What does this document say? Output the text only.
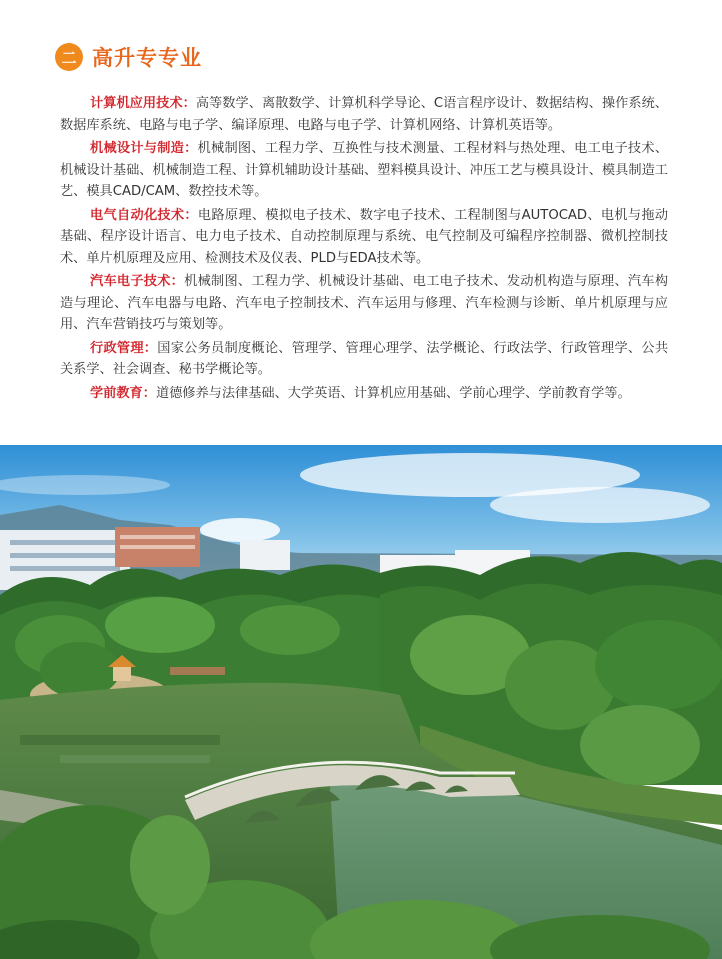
二 高升专专业

计算机应用技术：高等数学、离散数学、计算机科学导论、C语言程序设计、数据结构、操作系统、数据库系统、电路与电子学、编译原理、电路与电子学、计算机网络、计算机英语等。

机械设计与制造：机械制图、工程力学、互换性与技术测量、工程材料与热处理、电工电子技术、机械设计基础、机械制造工程、计算机辅助设计基础、塑料模具设计、冲压工艺与模具设计、模具制造工艺、模具CAD/CAM、数控技术等。

电气自动化技术：电路原理、模拟电子技术、数字电子技术、工程制图与AUTOCAD、电机与拖动基础、程序设计语言、电力电子技术、自动控制原理与系统、电气控制及可编程序控制器、微机控制技术、单片机原理及应用、检测技术及仪表、PLD与EDA技术等。

汽车电子技术：机械制图、工程力学、机械设计基础、电工电子技术、发动机构造与原理、汽车构造与理论、汽车电器与电路、汽车电子控制技术、汽车运用与修理、汽车检测与诊断、单片机原理与应用、汽车营销技巧与策划等。

行政管理：国家公务员制度概论、管理学、管理心理学、法学概论、行政法学、行政管理学、公共关系学、社会调查、秘书学概论等。

学前教育：道德修养与法律基础、大学英语、计算机应用基础、学前心理学、学前教育学等。
